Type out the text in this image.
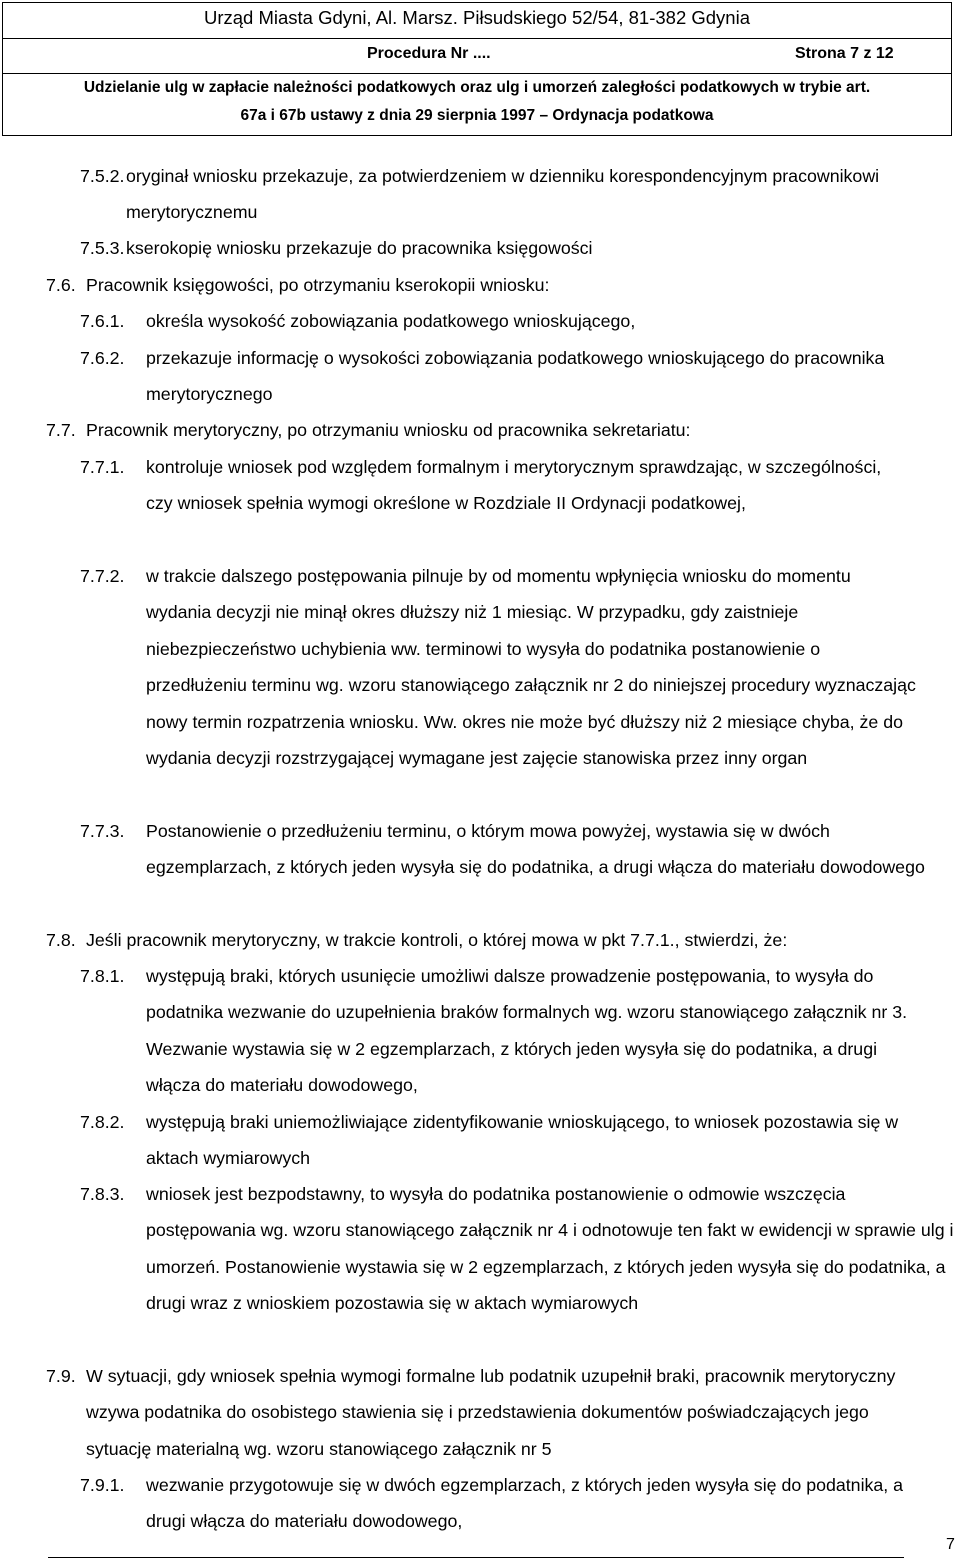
Urząd Miasta Gdyni, Al. Marsz. Piłsudskiego 52/54, 81-382 Gdynia
Procedura Nr ....	Strona 7 z 12
Udzielanie ulg w zapłacie należności podatkowych oraz ulg i umorzeń zaległości podatkowych w trybie art.
67a i 67b ustawy z dnia 29 sierpnia 1997 – Ordynacja podatkowa
7.5.2. oryginał wniosku przekazuje, za potwierdzeniem w dzienniku korespondencyjnym pracownikowi merytorycznemu
7.5.3. kserokopię wniosku przekazuje do pracownika księgowości
7.6. Pracownik księgowości, po otrzymaniu kserokopii wniosku:
7.6.1. określa wysokość zobowiązania podatkowego wnioskującego,
7.6.2. przekazuje informację o wysokości zobowiązania podatkowego wnioskującego do pracownika merytorycznego
7.7. Pracownik merytoryczny, po otrzymaniu wniosku od pracownika sekretariatu:
7.7.1. kontroluje wniosek pod względem formalnym i merytorycznym sprawdzając, w szczególności, czy wniosek spełnia wymogi określone w Rozdziale II Ordynacji podatkowej,
7.7.2. w trakcie dalszego postępowania pilnuje by od momentu wpłynięcia wniosku do momentu wydania decyzji nie minął okres dłuższy niż 1 miesiąc. W przypadku, gdy zaistnieje niebezpieczeństwo uchybienia ww. terminowi to wysyła do podatnika postanowienie o przedłużeniu terminu wg. wzoru stanowiącego załącznik nr 2 do niniejszej procedury wyznaczając nowy termin rozpatrzenia wniosku. Ww. okres nie może być dłuższy niż 2 miesiące chyba, że do wydania decyzji rozstrzygającej wymagane jest zajęcie stanowiska przez inny organ
7.7.3. Postanowienie o przedłużeniu terminu, o którym mowa powyżej, wystawia się w dwóch egzemplarzach, z których jeden wysyła się do podatnika, a drugi włącza do materiału dowodowego
7.8. Jeśli pracownik merytoryczny, w trakcie kontroli, o której mowa w pkt 7.7.1., stwierdzi, że:
7.8.1. występują braki, których usunięcie umożliwi dalsze prowadzenie postępowania, to wysyła do podatnika wezwanie do uzupełnienia braków formalnych wg. wzoru stanowiącego załącznik nr 3. Wezwanie wystawia się w 2 egzemplarzach, z których jeden wysyła się do podatnika, a drugi włącza do materiału dowodowego,
7.8.2. występują braki uniemożliwiające zidentyfikowanie wnioskującego, to wniosek pozostawia się w aktach wymiarowych
7.8.3. wniosek jest bezpodstawny, to wysyła do podatnika postanowienie o odmowie wszczęcia postępowania wg. wzoru stanowiącego załącznik nr 4 i odnotowuje ten fakt w ewidencji w sprawie ulg i umorzeń. Postanowienie wystawia się w 2 egzemplarzach, z których jeden wysyła się do podatnika, a drugi wraz z wnioskiem pozostawia się w aktach wymiarowych
7.9. W sytuacji, gdy wniosek spełnia wymogi formalne lub podatnik uzupełnił braki, pracownik merytoryczny wzywa podatnika do osobistego stawienia się i przedstawienia dokumentów poświadczających jego sytuację materialną wg. wzoru stanowiącego załącznik nr 5
7.9.1. wezwanie przygotowuje się w dwóch egzemplarzach, z których jeden wysyła się do podatnika, a drugi włącza do materiału dowodowego,
7
